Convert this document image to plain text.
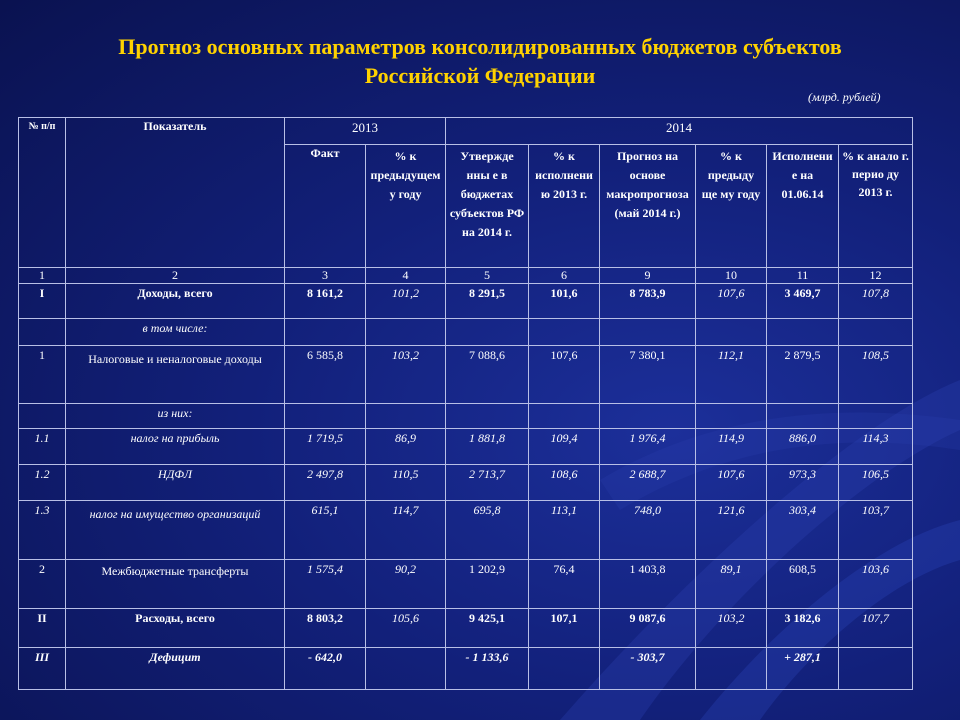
Прогноз основных параметров консолидированных бюджетов субъектов Российской Федерации
(млрд. рублей)
№ п/п	Показатель	2013		2014					
		Факт	% к предыдущем у году	Утвержде нны е в бюджетах субъектов РФ на 2014 г.	% к исполнени ю 2013 г.	Прогноз на основе макропрогноза (май 2014 г.)	% к предыду ще му году	Исполнени е на 01.06.14	% к анало г. перио ду 2013 г.
1	2	3	4	5	6	9	10	11	12
I	Доходы, всего	8 161,2	101,2	8 291,5	101,6	8 783,9	107,6	3 469,7	107,8
	в том числе:								
1	Налоговые и неналоговые доходы	6 585,8	103,2	7 088,6	107,6	7 380,1	112,1	2 879,5	108,5
	из них:								
1.1	налог на прибыль	1 719,5	86,9	1 881,8	109,4	1 976,4	114,9	886,0	114,3
1.2	НДФЛ	2 497,8	110,5	2 713,7	108,6	2 688,7	107,6	973,3	106,5
1.3	налог на имущество организаций	615,1	114,7	695,8	113,1	748,0	121,6	303,4	103,7
2	Межбюджетные трансферты	1 575,4	90,2	1 202,9	76,4	1 403,8	89,1	608,5	103,6
II	Расходы, всего	8 803,2	105,6	9 425,1	107,1	9 087,6	103,2	3 182,6	107,7
III	Дефицит	- 642,0		- 1 133,6		- 303,7		+ 287,1	
